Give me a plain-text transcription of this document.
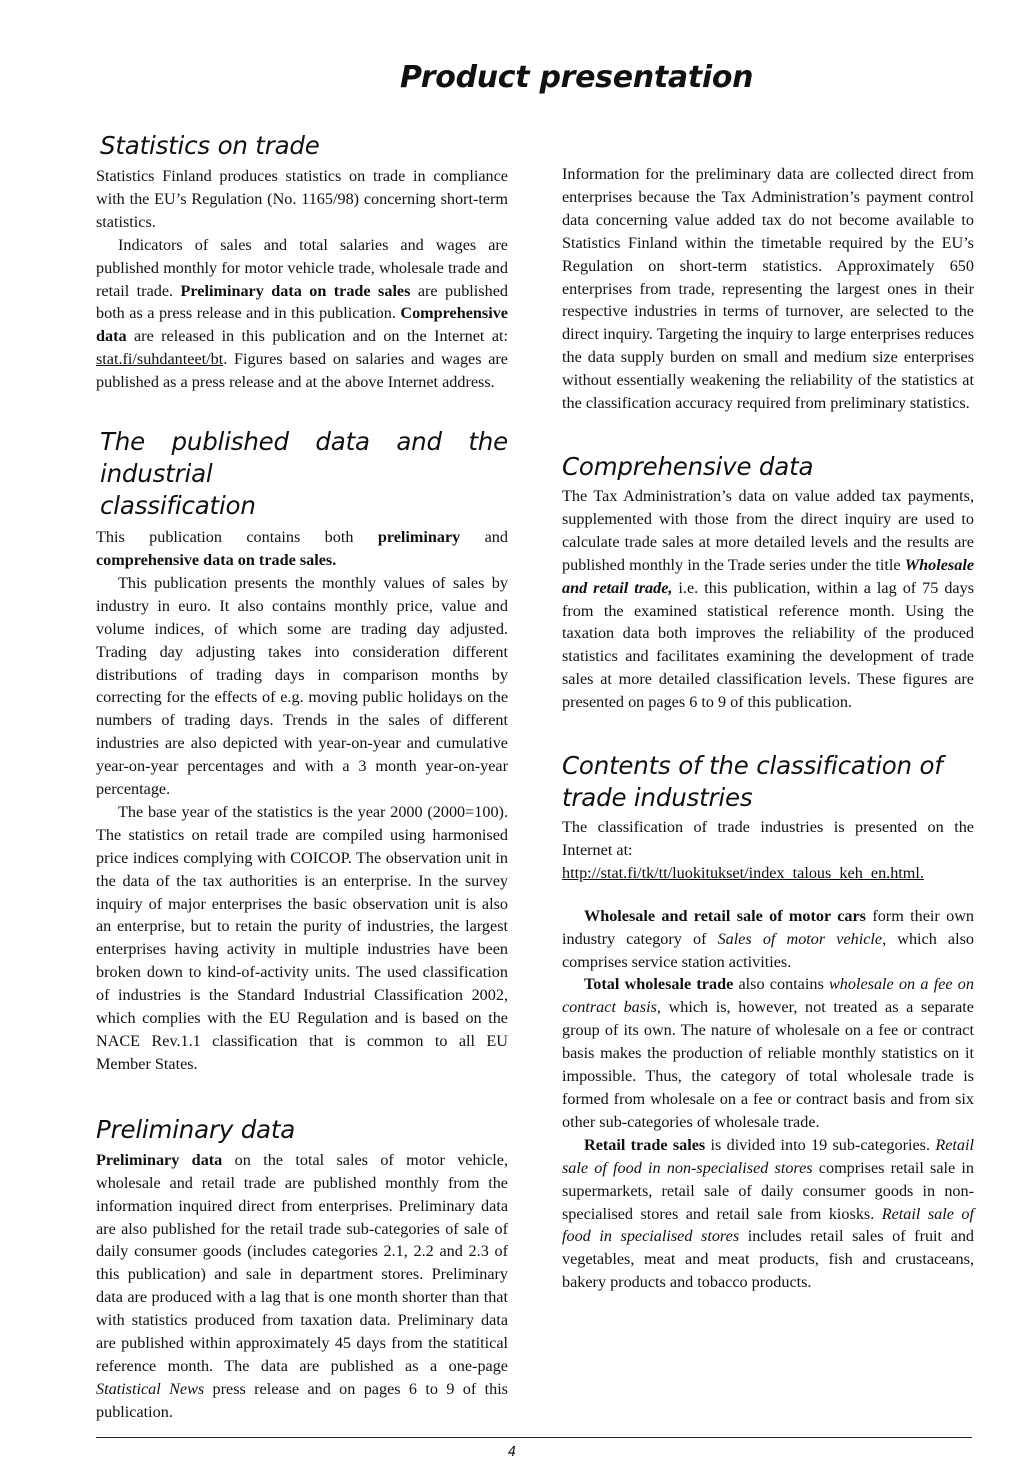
Product presentation
Statistics on trade

Statistics Finland produces statistics on trade in compliance with the EU’s Regulation (No. 1165/98) concerning short-term statistics.

Indicators of sales and total salaries and wages are published monthly for motor vehicle trade, wholesale trade and retail trade. Preliminary data on trade sales are published both as a press release and in this publication. Comprehensive data are released in this publication and on the Internet at: stat.fi/suhdanteet/bt. Figures based on salaries and wages are published as a press release and at the above Internet address.

The published data and the industrial
classification

This publication contains both preliminary and comprehensive data on trade sales.

This publication presents the monthly values of sales by industry in euro. It also contains monthly price, value and volume indices, of which some are trading day adjusted. Trading day adjusting takes into consideration different distributions of trading days in comparison months by correcting for the effects of e.g. moving public holidays on the numbers of trading days. Trends in the sales of different industries are also depicted with year-on-year and cumulative year-on-year percentages and with a 3 month year-on-year percentage.

The base year of the statistics is the year 2000 (2000=100). The statistics on retail trade are compiled using harmonised price indices complying with COICOP. The observation unit in the data of the tax authorities is an enterprise. In the survey inquiry of major enterprises the basic observation unit is also an enterprise, but to retain the purity of industries, the largest enterprises having activity in multiple industries have been broken down to kind-of-activity units. The used classification of industries is the Standard Industrial Classification 2002, which complies with the EU Regulation and is based on the NACE Rev.1.1 classification that is common to all EU Member States.

Preliminary data

Preliminary data on the total sales of motor vehicle, wholesale and retail trade are published monthly from the information inquired direct from enterprises. Preliminary data are also published for the retail trade sub-categories of sale of daily consumer goods (includes categories 2.1, 2.2 and 2.3 of this publication) and sale in department stores. Preliminary data are produced with a lag that is one month shorter than that with statistics produced from taxation data. Preliminary data are published within approximately 45 days from the statitical reference month. The data are published as a one-page Statistical News press release and on pages 6 to 9 of this publication.

Information for the preliminary data are collected direct from enterprises because the Tax Administration’s payment control data concerning value added tax do not become available to Statistics Finland within the timetable required by the EU’s Regulation on short-term statistics. Approximately 650 enterprises from trade, representing the largest ones in their respective industries in terms of turnover, are selected to the direct inquiry. Targeting the inquiry to large enterprises reduces the data supply burden on small and medium size enterprises without essentially weakening the reliability of the statistics at the classification accuracy required from preliminary statistics.

Comprehensive data

The Tax Administration’s data on value added tax payments, supplemented with those from the direct inquiry are used to calculate trade sales at more detailed levels and the results are published monthly in the Trade series under the title Wholesale and retail trade, i.e. this publication, within a lag of 75 days from the examined statistical reference month. Using the taxation data both improves the reliability of the produced statistics and facilitates examining the development of trade sales at more detailed classification levels. These figures are presented on pages 6 to 9 of this publication.

Contents of the classification of
trade industries

The classification of trade industries is presented on the Internet at:

http://stat.fi/tk/tt/luokitukset/index_talous_keh_en.html.

Wholesale and retail sale of motor cars form their own industry category of Sales of motor vehicle, which also comprises service station activities.

Total wholesale trade also contains wholesale on a fee on contract basis, which is, however, not treated as a separate group of its own. The nature of wholesale on a fee or contract basis makes the production of reliable monthly statistics on it impossible. Thus, the category of total wholesale trade is formed from wholesale on a fee or contract basis and from six other sub-categories of wholesale trade.

Retail trade sales is divided into 19 sub-categories. Retail sale of food in non-specialised stores comprises retail sale in supermarkets, retail sale of daily consumer goods in non-specialised stores and retail sale from kiosks. Retail sale of food in specialised stores includes retail sales of fruit and vegetables, meat and meat products, fish and crustaceans, bakery products and tobacco products.

4
